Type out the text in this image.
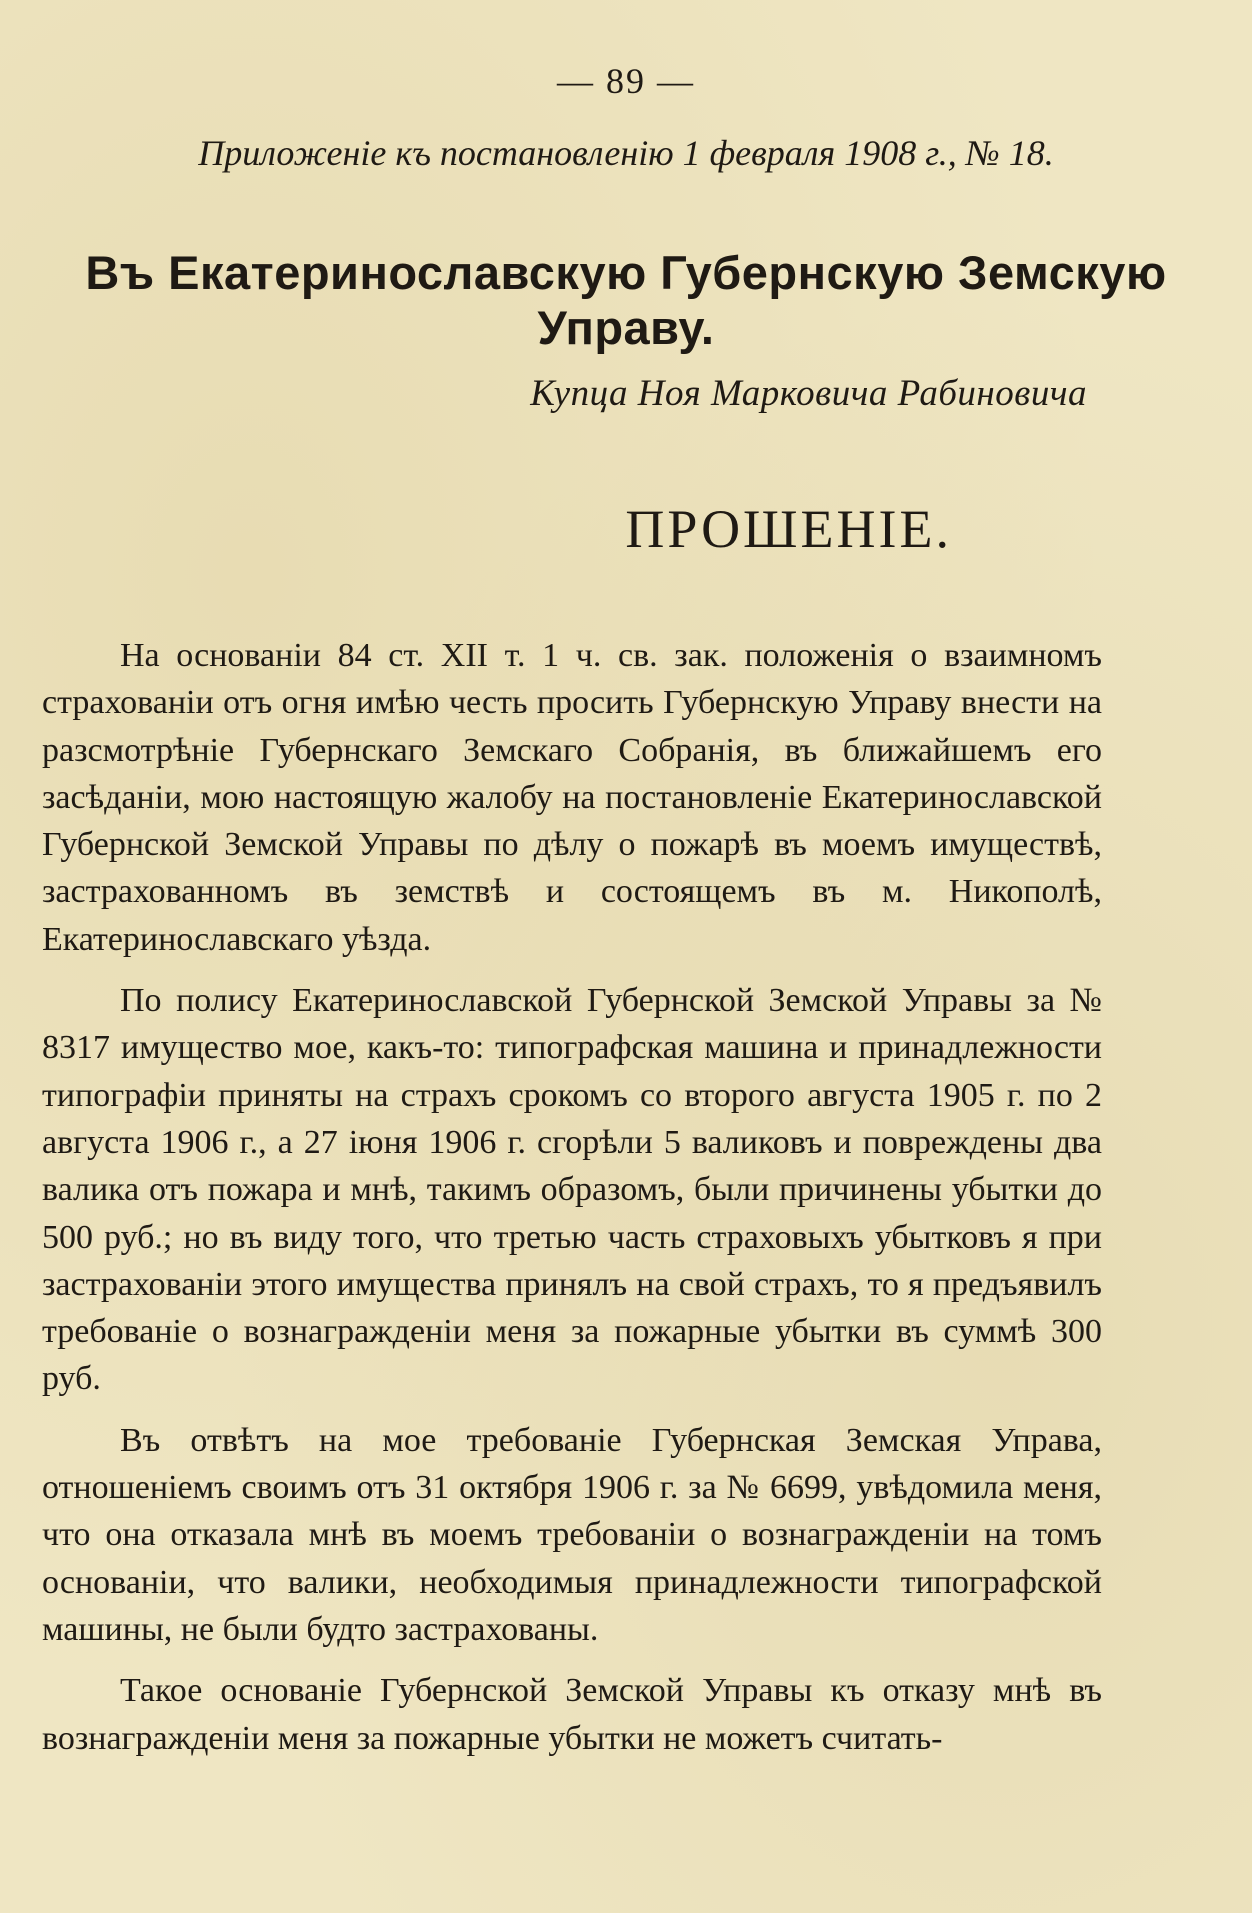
— 89 —
Приложеніе къ постановленію 1 февраля 1908 г., № 18.
Въ Екатеринославскую Губернскую Земскую Управу.
Купца Ноя Марковича Рабиновича
ПРОШЕНІЕ.

На основаніи 84 ст. XII т. 1 ч. св. зак. положенія о взаимномъ страхованіи отъ огня имѣю честь просить Губернскую Управу внести на разсмотрѣніе Губернскаго Земскаго Собранія, въ ближайшемъ его засѣданіи, мою настоящую жалобу на постановленіе Екатеринославской Губернской Земской Управы по дѣлу о пожарѣ въ моемъ имуществѣ, застрахованномъ въ земствѣ и состоящемъ въ м. Никополѣ, Екатеринославскаго уѣзда.

По полису Екатеринославской Губернской Земской Управы за № 8317 имущество мое, какъ-то: типографская машина и принадлежности типографіи приняты на страхъ срокомъ со второго августа 1905 г. по 2 августа 1906 г., а 27 іюня 1906 г. сгорѣли 5 валиковъ и повреждены два валика отъ пожара и мнѣ, такимъ образомъ, были причинены убытки до 500 руб.; но въ виду того, что третью часть страховыхъ убытковъ я при застрахованіи этого имущества принялъ на свой страхъ, то я предъявилъ требованіе о вознагражденіи меня за пожарные убытки въ суммѣ 300 руб.

Въ отвѣтъ на мое требованіе Губернская Земская Управа, отношеніемъ своимъ отъ 31 октября 1906 г. за № 6699, увѣдомила меня, что она отказала мнѣ въ моемъ требованіи о вознагражденіи на томъ основаніи, что валики, необходимыя принадлежности типографской машины, не были будто застрахованы.

Такое основаніе Губернской Земской Управы къ отказу мнѣ въ вознагражденіи меня за пожарные убытки не можетъ считать-
